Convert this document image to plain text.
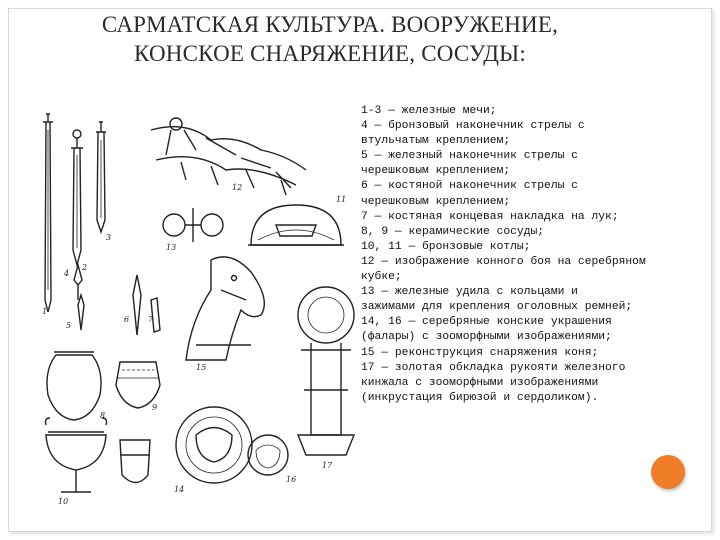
САРМАТСКАЯ КУЛЬТУРА. ВООРУЖЕНИЕ,
КОНСКОЕ СНАРЯЖЕНИЕ, СОСУДЫ:
1-3 — железные мечи;
4 — бронзовый наконечник стрелы с
втульчатым креплением;
5 — железный наконечник стрелы с
черешковым креплением;
6 — костяной наконечник стрелы с
черешковым креплением;
7 — костяная концевая накладка на лук;
8, 9 — керамические сосуды;
10, 11 — бронзовые котлы;
12 — изображение конного боя на серебряном
кубке;
13 — железные удила с кольцами и
зажимами для крепления оголовных ремней;
14, 16 — серебряные конские украшения
(фалары) с зооморфными изображениями;
15 — реконструкция снаряжения коня;
17 — золотая обкладка рукояти железного
кинжала с зооморфными изображениями
(инкрустация бирюзой и сердоликом).
1
2
3
4
5
6 7
8
9
10
11
12
13
14
15
16
17
